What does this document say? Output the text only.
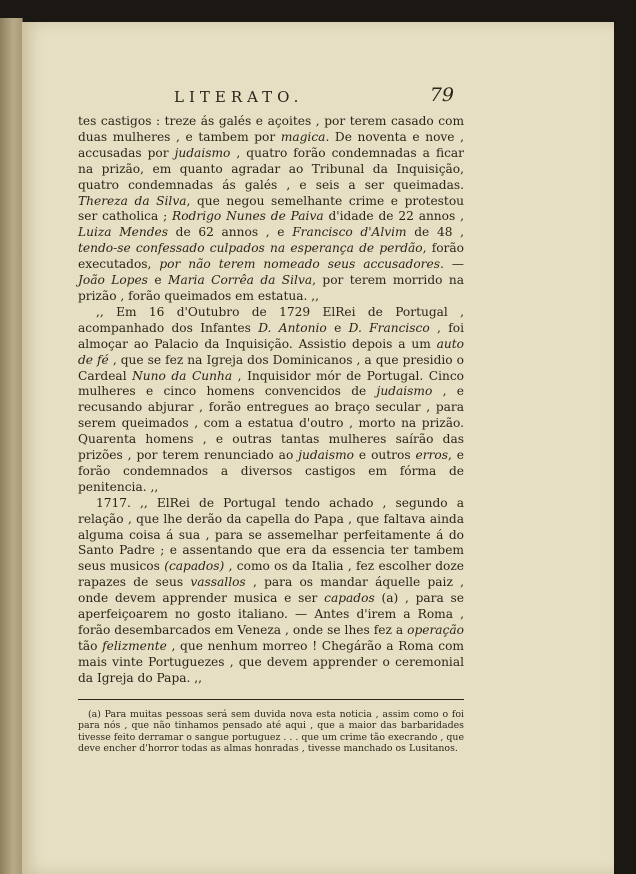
LITERATO.	79

tes castigos : treze ás galés e açoites , por terem casado com duas mulheres , e tambem por magica. De noventa e nove , accusadas por judaismo , quatro forão condemnadas a ficar na prizão, em quanto agradar ao Tribunal da Inquisição, quatro condemnadas ás galés , e seis a ser queimadas. Thereza da Silva, que negou semelhante crime e protestou ser catholica ; Rodrigo Nunes de Paiva d'idade de 22 annos , Luiza Mendes de 62 annos , e Francisco d'Alvim de 48 , tendo-se confessado culpados na esperança de perdão, forão executados, por não terem nomeado seus accusadores. — João Lopes e Maria Corrêa da Silva, por terem morrido na prizão , forão queimados em estatua. ,,

,, Em 16 d'Outubro de 1729 ElRei de Portugal , acompanhado dos Infantes D. Antonio e D. Francisco , foi almoçar ao Palacio da Inquisição. Assistio depois a um auto de fé , que se fez na Igreja dos Dominicanos , a que presidio o Cardeal Nuno da Cunha , Inquisidor mór de Portugal. Cinco mulheres e cinco homens convencidos de judaismo , e recusando abjurar , forão entregues ao braço secular , para serem queimados , com a estatua d'outro , morto na prizão. Quarenta homens , e outras tantas mulheres saírão das prizões , por terem renunciado ao judaismo e outros erros, e forão condemnados a diversos castigos em fórma de penitencia. ,,

1717. ,, ElRei de Portugal tendo achado , segundo a relação , que lhe derão da capella do Papa , que faltava ainda alguma coisa á sua , para se assemelhar perfeitamente á do Santo Padre ; e assentando que era da essencia ter tambem seus musicos (capados) , como os da Italia , fez escolher doze rapazes de seus vassallos , para os mandar áquelle paiz , onde devem apprender musica e ser capados (a) , para se aperfeiçoarem no gosto italiano. — Antes d'irem a Roma , forão desembarcados em Veneza , onde se lhes fez a operação tão felizmente , que nenhum morreo ! Chegárão a Roma com mais vinte Portuguezes , que devem apprender o ceremonial da Igreja do Papa. ,,

(a) Para muitas pessoas será sem duvida nova esta noticia , assim como o foi para nós , que não tinhamos pensado até aqui , que a maior das barbaridades tivesse feito derramar o sangue portuguez . . . que um crime tão execrando , que deve encher d'horror todas as almas honradas , tivesse manchado os Lusitanos.
